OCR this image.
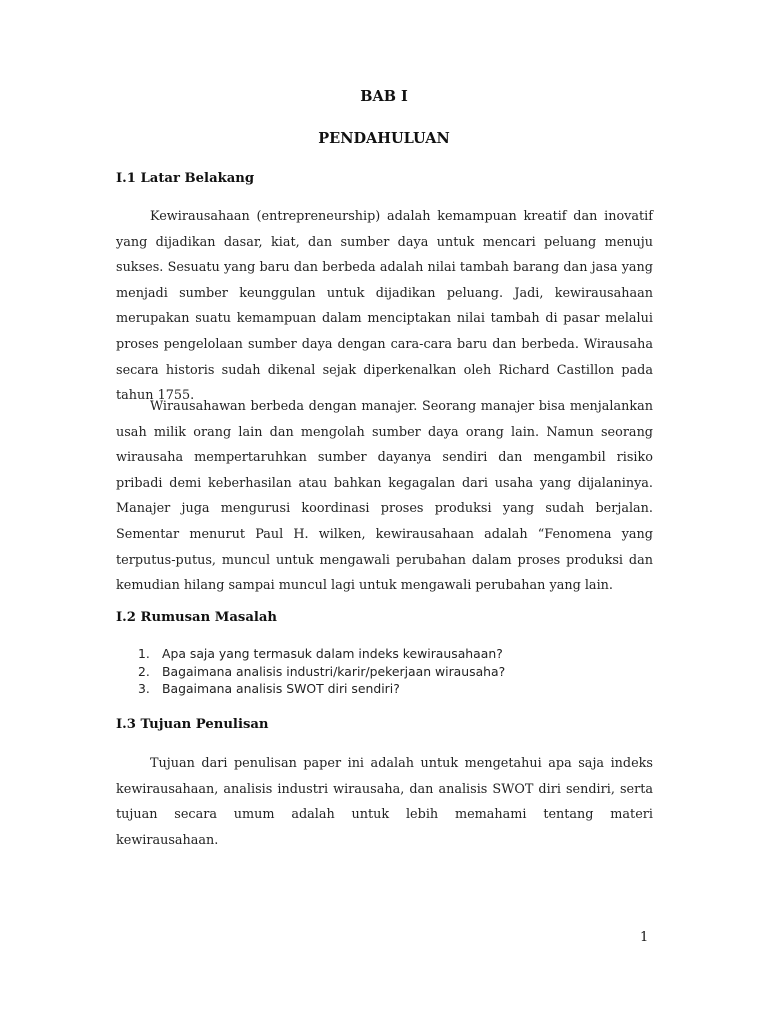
BAB I
PENDAHULUAN
I.1 Latar Belakang

Kewirausahaan (entrepreneurship) adalah kemampuan kreatif dan inovatif yang dijadikan dasar, kiat, dan sumber daya untuk mencari peluang menuju sukses. Sesuatu yang baru dan berbeda adalah nilai tambah barang dan jasa yang menjadi sumber keunggulan untuk dijadikan peluang. Jadi, kewirausahaan merupakan suatu kemampuan dalam menciptakan nilai tambah di pasar melalui proses pengelolaan sumber daya dengan cara-cara baru dan berbeda. Wirausaha secara historis sudah dikenal sejak diperkenalkan oleh Richard Castillon pada tahun 1755.

Wirausahawan berbeda dengan manajer. Seorang manajer bisa menjalankan usah milik orang lain dan mengolah sumber daya orang lain. Namun seorang wirausaha mempertaruhkan sumber dayanya sendiri dan mengambil risiko pribadi demi keberhasilan atau bahkan kegagalan dari usaha yang dijalaninya. Manajer juga mengurusi koordinasi proses produksi yang sudah berjalan. Sementar menurut Paul H. wilken, kewirausahaan adalah “Fenomena yang terputus-putus, muncul untuk mengawali perubahan dalam proses produksi dan kemudian hilang sampai muncul lagi untuk mengawali perubahan yang lain.

I.2 Rumusan Masalah
1. Apa saja yang termasuk dalam indeks kewirausahaan?
2. Bagaimana analisis industri/karir/pekerjaan wirausaha?
3. Bagaimana analisis SWOT diri sendiri?
I.3 Tujuan Penulisan

Tujuan dari penulisan paper ini adalah untuk mengetahui apa saja indeks kewirausahaan, analisis industri wirausaha, dan analisis SWOT diri sendiri, serta tujuan secara umum adalah untuk lebih memahami tentang materi kewirausahaan.

1
